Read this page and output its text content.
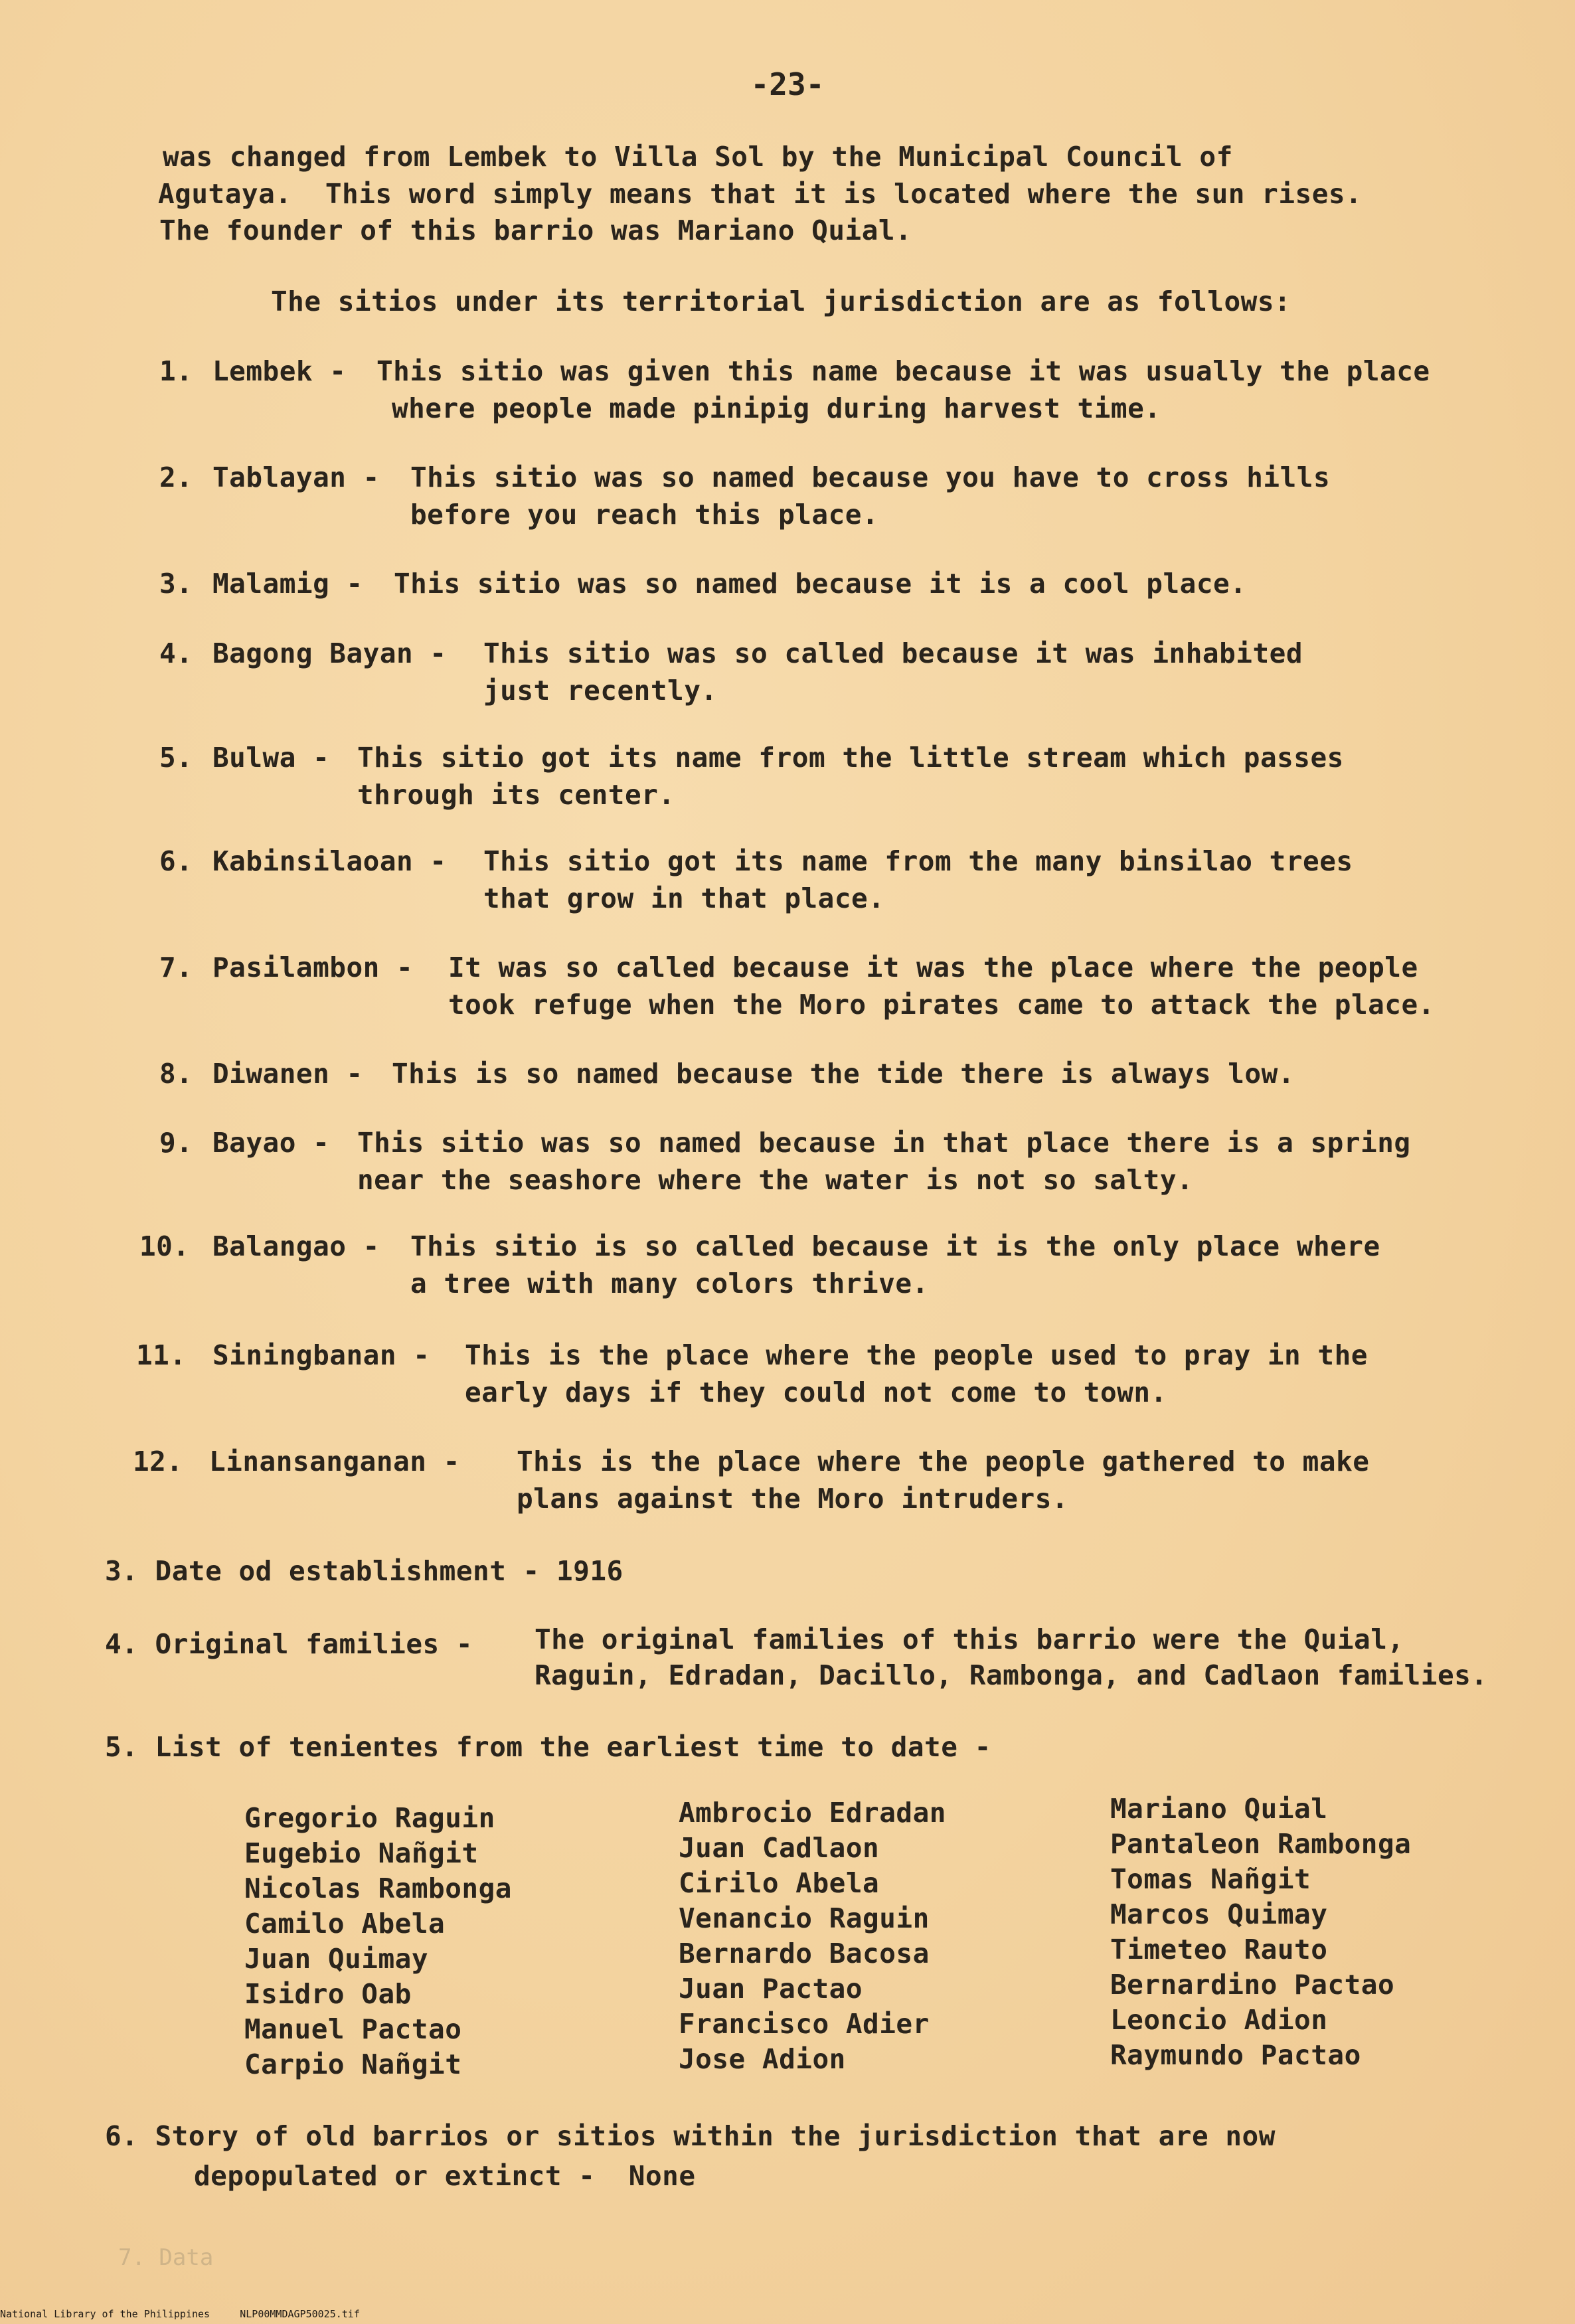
-23-
was changed from Lembek to Villa Sol by the Municipal Council of
Agutaya.  This word simply means that it is located where the sun rises.
The founder of this barrio was Mariano Quial.
The sitios under its territorial jurisdiction are as follows:
1. Lembek - This sitio was given this name because it was usually the place
where people made pinipig during harvest time.
2. Tablayan - This sitio was so named because you have to cross hills
before you reach this place.
3. Malamig - This sitio was so named because it is a cool place.
4. Bagong Bayan - This sitio was so called because it was inhabited
just recently.
5. Bulwa - This sitio got its name from the little stream which passes
through its center.
6. Kabinsilaoan - This sitio got its name from the many binsilao trees
that grow in that place.
7. Pasilambon - It was so called because it was the place where the people
took refuge when the Moro pirates came to attack the place.
8. Diwanen - This is so named because the tide there is always low.
9. Bayao - This sitio was so named because in that place there is a spring
near the seashore where the water is not so salty.
10. Balangao - This sitio is so called because it is the only place where
a tree with many colors thrive.
11. Siningbanan - This is the place where the people used to pray in the
early days if they could not come to town.
12. Linansanganan - This is the place where the people gathered to make
plans against the Moro intruders.
3. Date od establishment - 1916
4. Original families - The original families of this barrio were the Quial,
Raguin, Edradan, Dacillo, Rambonga, and Cadlaon families.
5. List of tenientes from the earliest time to date -
Gregorio Raguin
Eugebio Nañgit
Nicolas Rambonga
Camilo Abela
Juan Quimay
Isidro Oab
Manuel Pactao
Carpio Nañgit
Ambrocio Edradan
Juan Cadlaon
Cirilo Abela
Venancio Raguin
Bernardo Bacosa
Juan Pactao
Francisco Adier
Jose Adion
Mariano Quial
Pantaleon Rambonga
Tomas Nañgit
Marcos Quimay
Timeteo Rauto
Bernardino Pactao
Leoncio Adion
Raymundo Pactao
6. Story of old barrios or sitios within the jurisdiction that are now
depopulated or extinct -  None
7. Data
National Library of the Philippines     NLP00MMDAGP50025.tif
